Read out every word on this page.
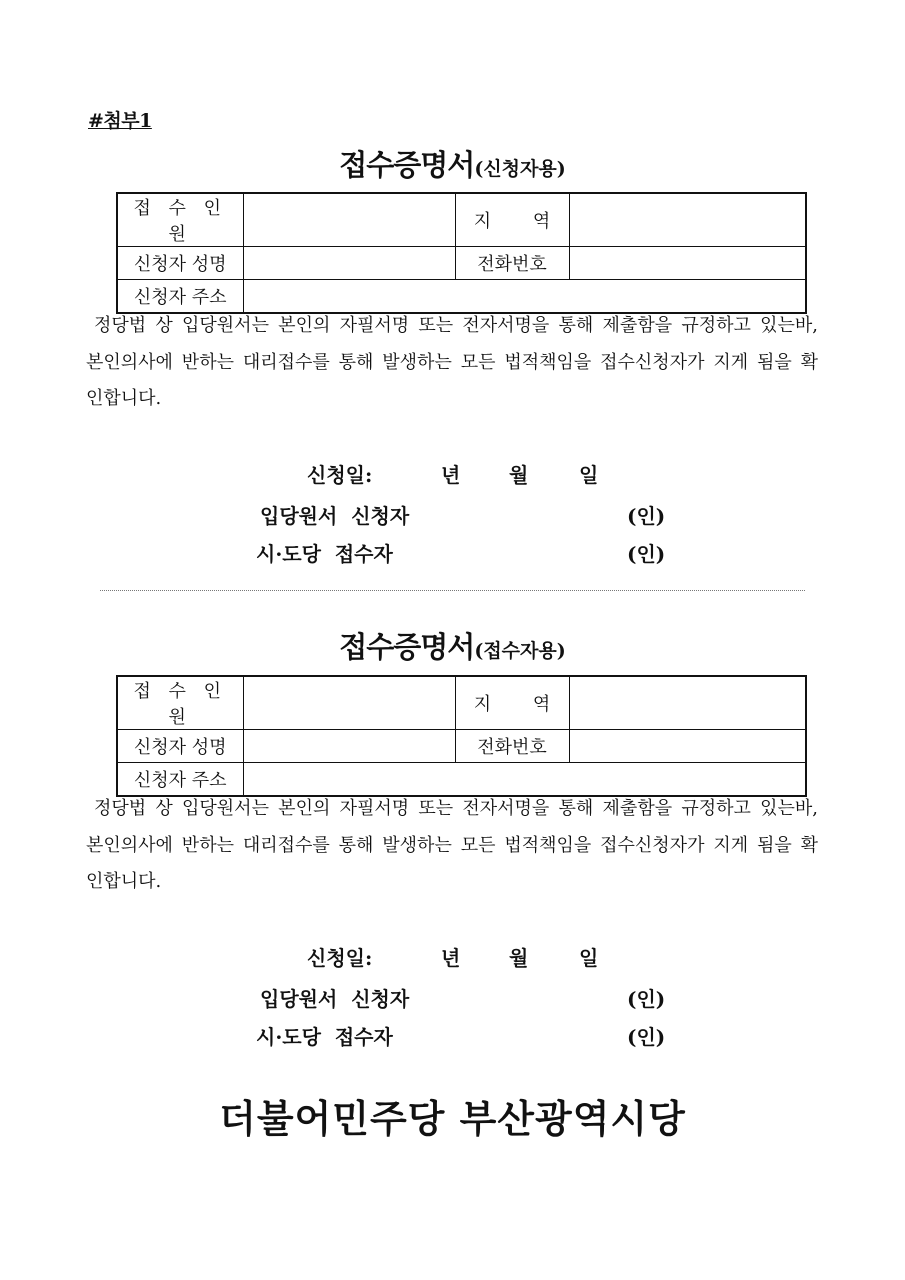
#첨부1
접수증명서(신청자용)
접 수 인 원		지 역	
신청자 성명		전화번호	
신청자 주소			
정당법 상 입당원서는 본인의 자필서명 또는 전자서명을 통해 제출함을 규정하고 있는바, 본인의사에 반하는 대리접수를 통해 발생하는 모든 법적책임을 접수신청자가 지게 됨을 확인합니다.
신청일:	년 월	일
입당원서  신청자	(인)
시·도당  접수자	(인)
접수증명서(접수자용)
접 수 인 원		지 역	
신청자 성명		전화번호	
신청자 주소			
정당법 상 입당원서는 본인의 자필서명 또는 전자서명을 통해 제출함을 규정하고 있는바, 본인의사에 반하는 대리접수를 통해 발생하는 모든 법적책임을 접수신청자가 지게 됨을 확인합니다.
신청일:	년 월	일
입당원서  신청자	(인)
시·도당  접수자	(인)
더불어민주당 부산광역시당
